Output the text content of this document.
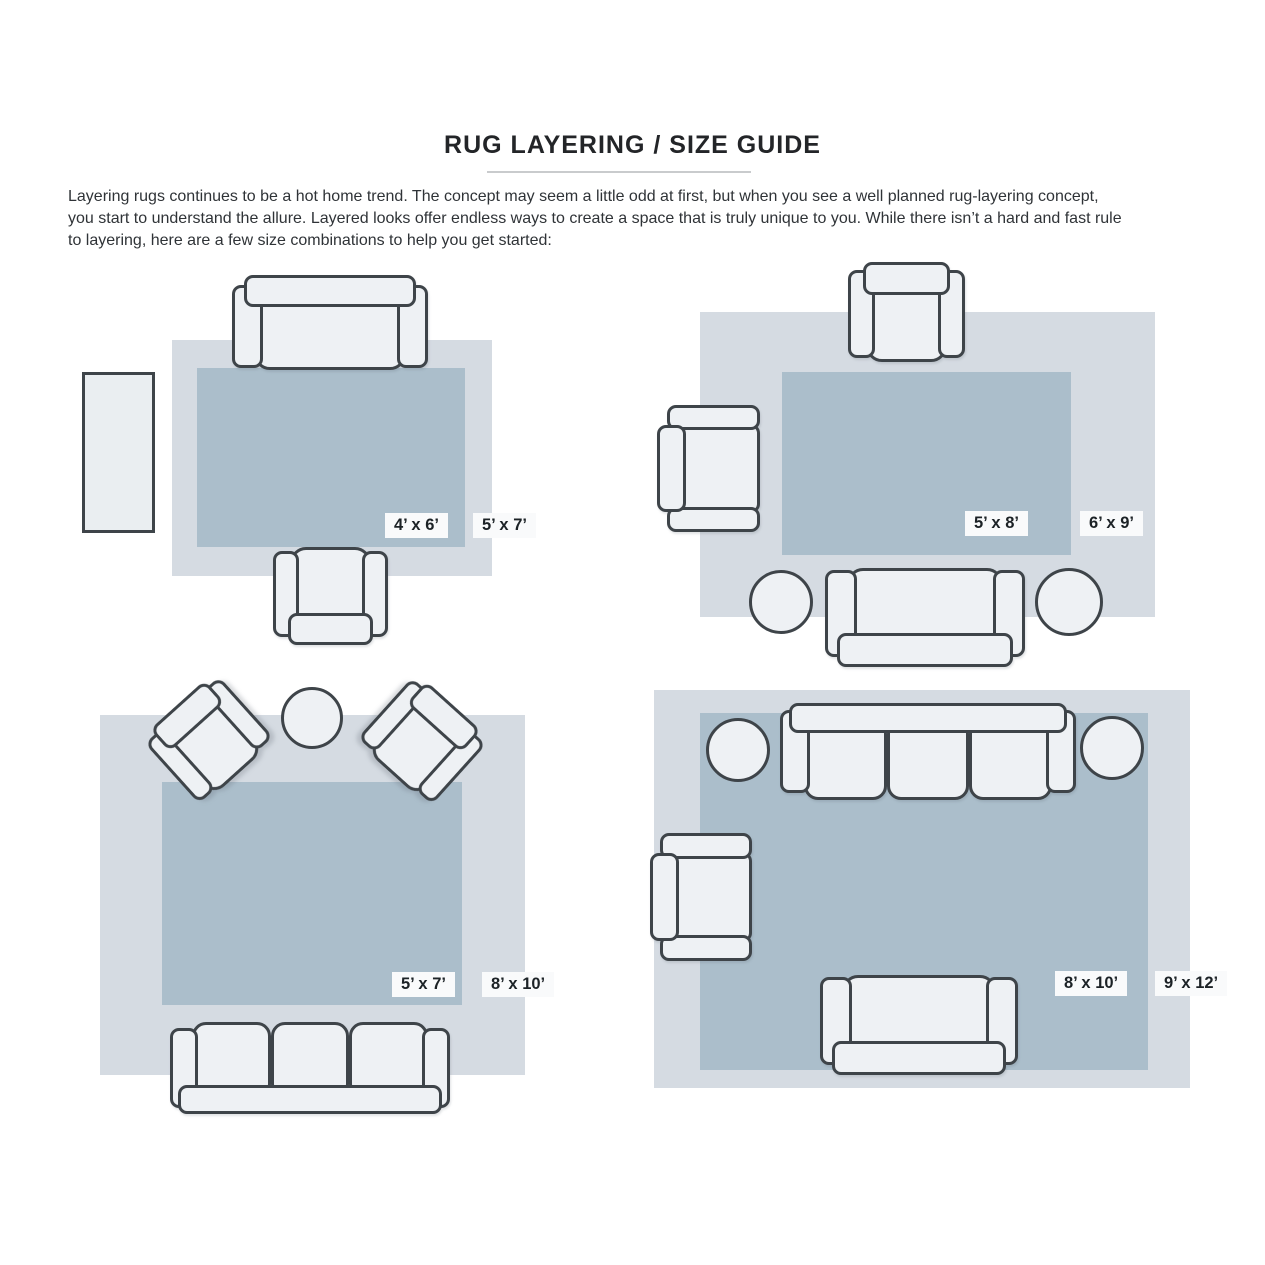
RUG LAYERING / SIZE GUIDE
Layering rugs continues to be a hot home trend. The concept may seem a little odd at first, but when you see a well planned rug-layering concept,
you start to understand the allure. Layered looks offer endless ways to create a space that is truly unique to you. While there isn’t a hard and fast rule
to layering, here are a few size combinations to help you get started:
4’ x 6’	5’ x 7’	5’ x 8’	6’ x 9’
5’ x 7’	8’ x 10’	8’ x 10’	9’ x 12’
